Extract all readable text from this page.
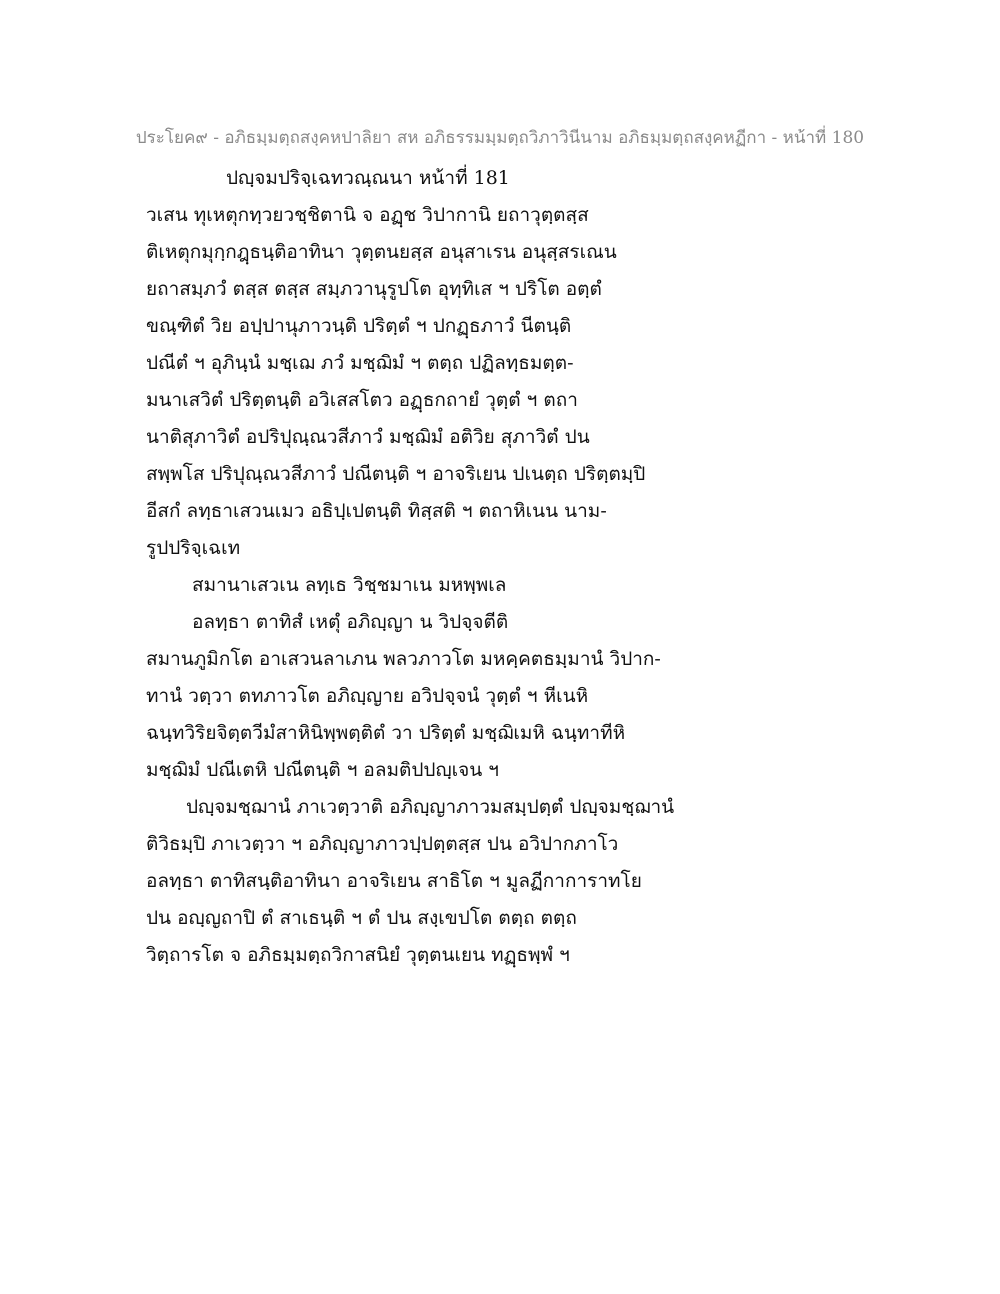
ประโยค๙ - อภิธมฺมตฺถสงฺคหปาลิยา สห อภิธรรมมฺมตฺถวิภาวินีนาม อภิธมฺมตฺถสงฺคหฏีกา - หน้าที่ 180
ปญฺจมปริจฺเฉทวณฺณนา หน้าที่ 181
วเสน ทุเหตุกทฺวยวชฺชิตานิ จ อฏฺช วิปากานิ ยถาวุตฺตสฺส
ติเหตุกมุกฺกฎฺธนฺติอาทินา วุตฺตนยสฺส อนุสาเรน อนุสฺสรเณน
ยถาสมฺภวํ ตสฺส ตสฺส สมฺภวานุรูปโต อุทฺทิเส ฯ ปริโต อตฺตํ
ขณฺฑิตํ วิย อปฺปานุภาวนฺติ ปริตฺตํ ฯ ปกฏฺธภาวํ นีตนฺติ
ปณีตํ ฯ อุภินฺนํ มชฺเฌ ภวํ มชฺฌิมํ ฯ ตตฺถ ปฏิลทฺธมตฺต-
มนาเสวิตํ ปริตฺตนฺติ อวิเสสโตว อฏฺธกถายํ วุตฺตํ ฯ ตถา
นาติสุภาวิตํ อปริปุณฺณวสีภาวํ มชฺฌิมํ อติวิย สุภาวิตํ ปน
สพฺพโส ปริปุณฺณวสีภาวํ ปณีตนฺติ ฯ อาจริเยน ปเนตฺถ ปริตฺตมฺปิ
อีสกํ ลทฺธาเสวนเมว อธิปฺเปตนฺติ ทิสฺสติ ฯ ตถาหิเนน นาม-
รูปปริจฺเฉเท
สมานาเสวเน ลทฺเธ วิชฺชมาเน มหพฺพเล
อลทฺธา ตาทิสํ เหตุํ อภิญฺญา น วิปจฺจตีติ
สมานภูมิกโต อาเสวนลาเภน พลวภาวโต มหคฺคตธมฺมานํ วิปาก-
ทานํ วตฺวา ตทภาวโต อภิญฺญาย อวิปจฺจนํ วุตฺตํ ฯ หีเนหิ
ฉนฺทวิริยจิตฺตวีมํสาหินิพฺพตฺติตํ วา ปริตฺตํ มชฺฌิเมหิ ฉนฺทาทีหิ
มชฺฌิมํ ปณีเตหิ ปณีตนฺติ ฯ อลมติปปญฺเจน ฯ
ปญฺจมชฺฌานํ ภาเวตฺวาติ อภิญฺญาภาวมสมฺปตฺตํ ปญฺจมชฺฌานํ
ติวิธมฺปิ ภาเวตฺวา ฯ อภิญฺญาภาวปฺปตฺตสฺส ปน อวิปากภาโว
อลทฺธา ตาทิสนฺติอาทินา อาจริเยน สาธิโต ฯ มูลฏีกาการาทโย
ปน อญฺญถาปิ ตํ สาเธนฺติ ฯ ตํ ปน สงฺเขปโต ตตฺถ ตตฺถ
วิตฺถารโต จ อภิธมฺมตฺถวิกาสนิยํ วุตฺตนเยน ทฏฺธพฺพํ ฯ
